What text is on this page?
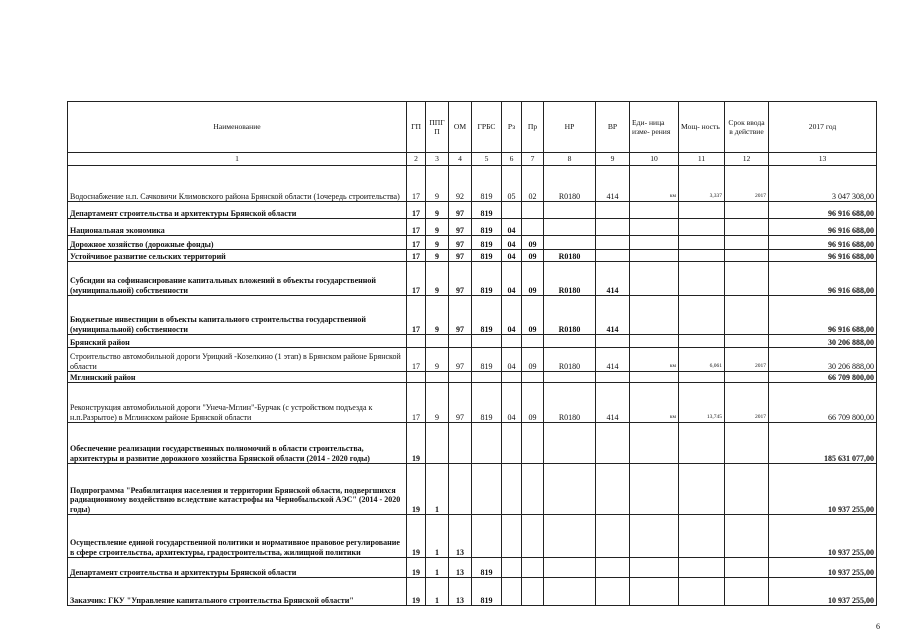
Наименование	ГП	ППГ П	ОМ	ГРБС	Рз	Пр	НР	ВР	Еди- ница изме- рения	Мощ- ность	Срок ввода в действие	2017 год
1	2	3	4	5	6	7	8	9	10	11	12	13
Водоснабжение н.п. Сачковичи Климовского района Брянской области (1очередь строительства)	17	9	92	819	05	02	R0180	414	км	3,337	2017	3 047 308,00
Департамент строительства и архитектуры Брянской области	17	9	97	819								96 916 688,00
Национальная экономика	17	9	97	819	04							96 916 688,00
Дорожное хозяйство (дорожные фонды)	17	9	97	819	04	09						96 916 688,00
Устойчивое развитие сельских территорий	17	9	97	819	04	09	R0180					96 916 688,00
Субсидии на софинансирование капитальных вложений в объекты государственной (муниципальной) собственности	17	9	97	819	04	09	R0180	414				96 916 688,00
Бюджетные инвестиции в объекты капитального строительства государственной (муниципальной) собственности	17	9	97	819	04	09	R0180	414				96 916 688,00
Брянский район												30 206 888,00
Строительство автомобильной дороги Урицкий -Козелкино (1 этап) в Брянском районе Брянской области	17	9	97	819	04	09	R0180	414	км	6,061	2017	30 206 888,00
Мглинский район												66 709 800,00
Реконструкция автомобильной дороги "Унеча-Мглин"-Бурчак (с устройством подъезда к н.п.Разрытое) в Мглинском районе Брянской области	17	9	97	819	04	09	R0180	414	км	13,745	2017	66 709 800,00
Обеспечение реализации государственных полномочий в области строительства, архитектуры и развитие дорожного хозяйства Брянской области (2014 - 2020 годы)	19											185 631 077,00
Подпрограмма "Реабилитация населения и территории Брянской области, подвергшихся радиационному воздействию вследствие катастрофы на Чернобыльской АЭС" (2014 - 2020 годы)	19	1										10 937 255,00
Осуществление единой государственной политики и нормативное правовое регулирование в сфере строительства, архитектуры, градостроительства, жилищной политики	19	1	13									10 937 255,00
Департамент строительства и архитектуры Брянской области	19	1	13	819								10 937 255,00
Заказчик: ГКУ "Управление капитального строительства Брянской области"	19	1	13	819								10 937 255,00
6
